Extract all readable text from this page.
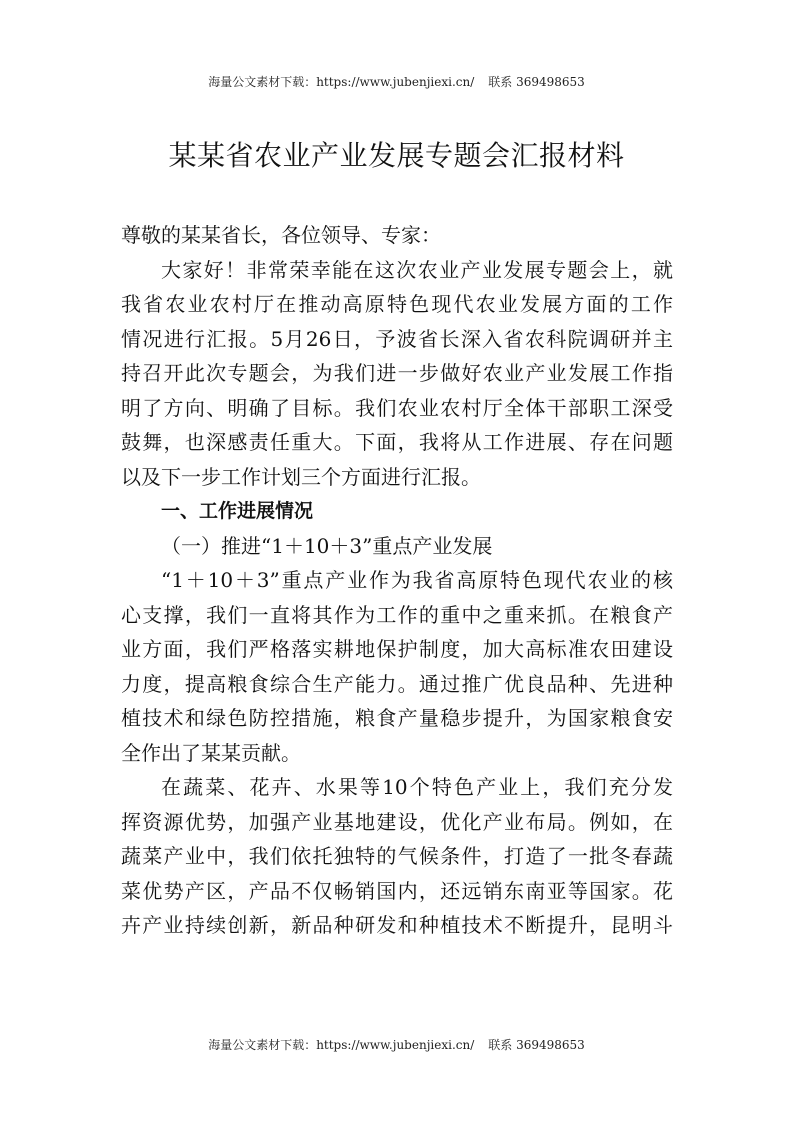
海量公文素材下载：https://www.jubenjiexi.cn/ 联系 369498653
某某省农业产业发展专题会汇报材料
尊敬的某某省长，各位领导、专家：
大家好！非常荣幸能在这次农业产业发展专题会上，就
我省农业农村厅在推动高原特色现代农业发展方面的工作
情况进行汇报。5月26日，予波省长深入省农科院调研并主
持召开此次专题会，为我们进一步做好农业产业发展工作指
明了方向、明确了目标。我们农业农村厅全体干部职工深受
鼓舞，也深感责任重大。下面，我将从工作进展、存在问题
以及下一步工作计划三个方面进行汇报。
一、工作进展情况
（一）推进“1＋10＋3”重点产业发展
“1＋10＋3”重点产业作为我省高原特色现代农业的核
心支撑，我们一直将其作为工作的重中之重来抓。在粮食产
业方面，我们严格落实耕地保护制度，加大高标准农田建设
力度，提高粮食综合生产能力。通过推广优良品种、先进种
植技术和绿色防控措施，粮食产量稳步提升，为国家粮食安
全作出了某某贡献。
在蔬菜、花卉、水果等10个特色产业上，我们充分发
挥资源优势，加强产业基地建设，优化产业布局。例如，在
蔬菜产业中，我们依托独特的气候条件，打造了一批冬春蔬
菜优势产区，产品不仅畅销国内，还远销东南亚等国家。花
卉产业持续创新，新品种研发和种植技术不断提升，昆明斗
海量公文素材下载：https://www.jubenjiexi.cn/ 联系 369498653
